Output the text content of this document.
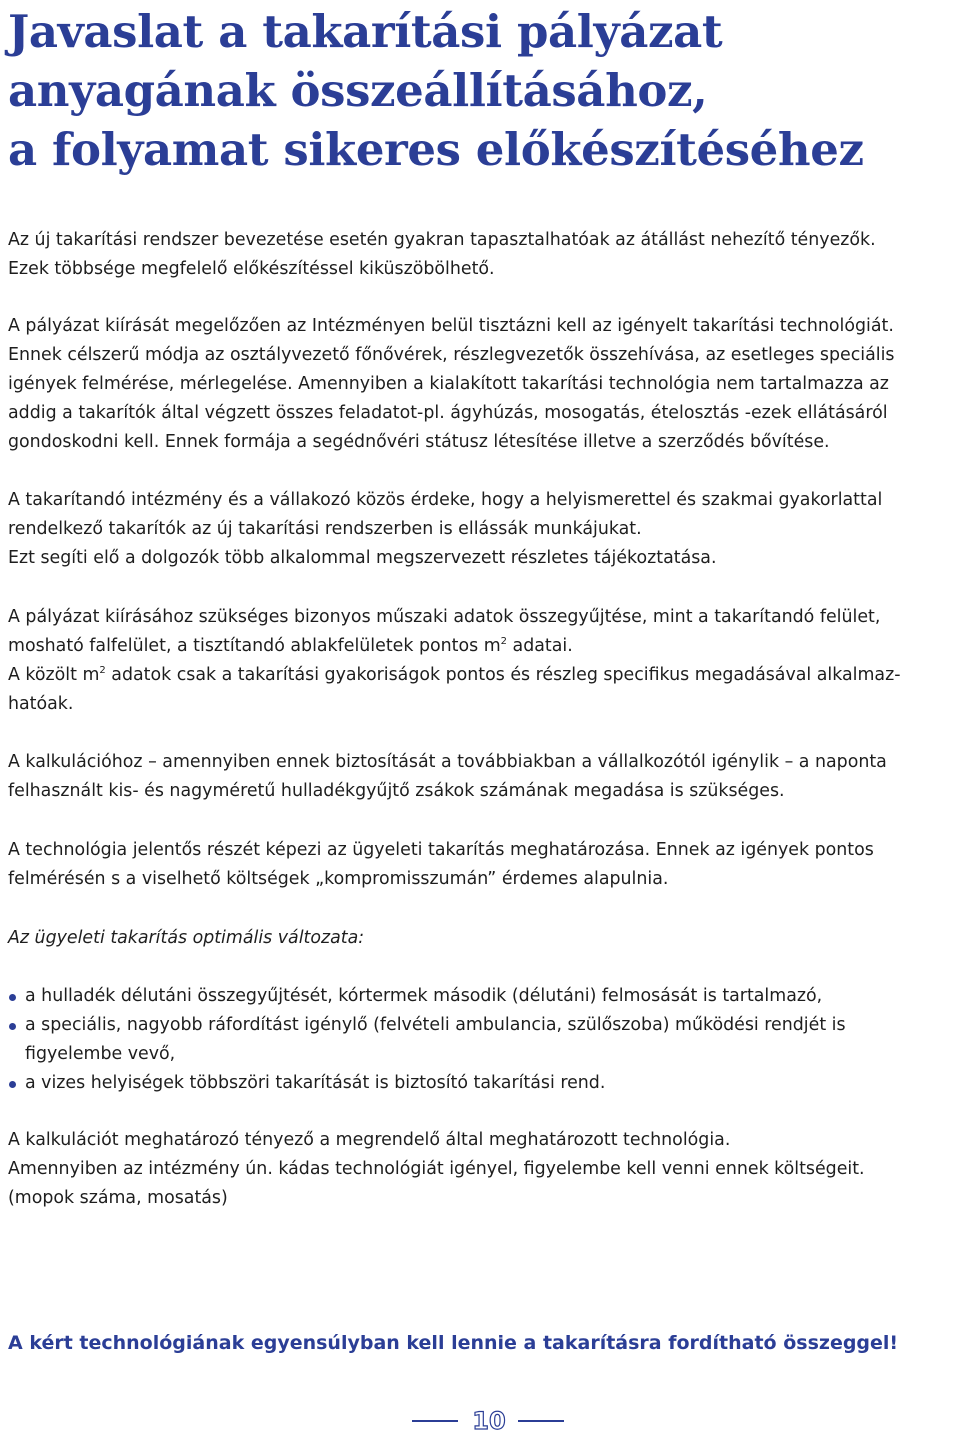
Javaslat a takarítási pályázat
anyagának összeállításához,
a folyamat sikeres előkészítéséhez

Az új takarítási rendszer bevezetése esetén gyakran tapasztalhatóak az átállást nehezítő tényezők.
Ezek többsége megfelelő előkészítéssel kiküszöbölhető.

A pályázat kiírását megelőzően az Intézményen belül tisztázni kell az igényelt takarítási technológiát.
Ennek célszerű módja az osztályvezető főnővérek, részlegvezetők összehívása, az esetleges speciális
igények felmérése, mérlegelése. Amennyiben a kialakított takarítási technológia nem tartalmazza az
addig a takarítók által végzett összes feladatot-pl. ágyhúzás, mosogatás, ételosztás -ezek ellátásáról
gondoskodni kell. Ennek formája a segédnővéri státusz létesítése illetve a szerződés bővítése.

A takarítandó intézmény és a vállakozó közös érdeke, hogy a helyismerettel és szakmai gyakorlattal
rendelkező takarítók az új takarítási rendszerben is ellássák munkájukat.
Ezt segíti elő a dolgozók több alkalommal megszervezett részletes tájékoztatása.

A pályázat kiírásához szükséges bizonyos műszaki adatok összegyűjtése, mint a takarítandó felület,
mosható falfelület, a tisztítandó ablakfelületek pontos $m^2$ adatai.
A közölt $m^2$ adatok csak a takarítási gyakoriságok pontos és részleg specifikus megadásával alkalmaz-
hatóak.

A kalkulációhoz – amennyiben ennek biztosítását a továbbiakban a vállalkozótól igénylik – a naponta
felhasznált kis- és nagyméretű hulladékgyűjtő zsákok számának megadása is szükséges.

A technológia jelentős részét képezi az ügyeleti takarítás meghatározása. Ennek az igények pontos
felmérésén s a viselhető költségek „kompromisszumán” érdemes alapulnia.

Az ügyeleti takarítás optimális változata:

a hulladék délutáni összegyűjtését, kórtermek második (délutáni) felmosását is tartalmazó,
a speciális, nagyobb ráfordítást igénylő (felvételi ambulancia, szülőszoba) működési rendjét is
figyelembe vevő,
a vizes helyiségek többszöri takarítását is biztosító takarítási rend.

A kalkulációt meghatározó tényező a megrendelő által meghatározott technológia.
Amennyiben az intézmény ún. kádas technológiát igényel, figyelembe kell venni ennek költségeit.
(mopok száma, mosatás)

A kért technológiának egyensúlyban kell lennie a takarításra fordítható összeggel!

10
